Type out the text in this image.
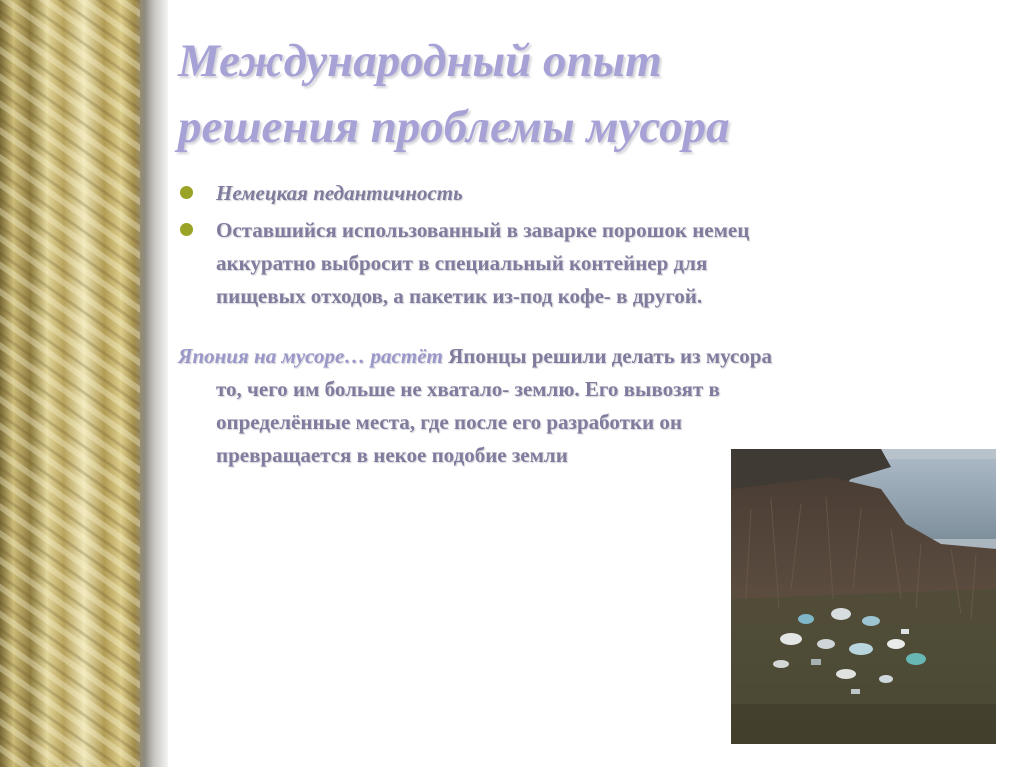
Международный опыт
решения проблемы мусора
Немецкая педантичность
Оставшийся использованный в заварке порошок немец
аккуратно выбросит в специальный контейнер для
пищевых отходов, а пакетик из-под кофе- в другой.
Япония на мусоре… растёт Японцы решили делать из мусора
то, чего им больше не хватало- землю. Его вывозят в
определённые места, где после его разработки он
превращается в некое подобие земли
